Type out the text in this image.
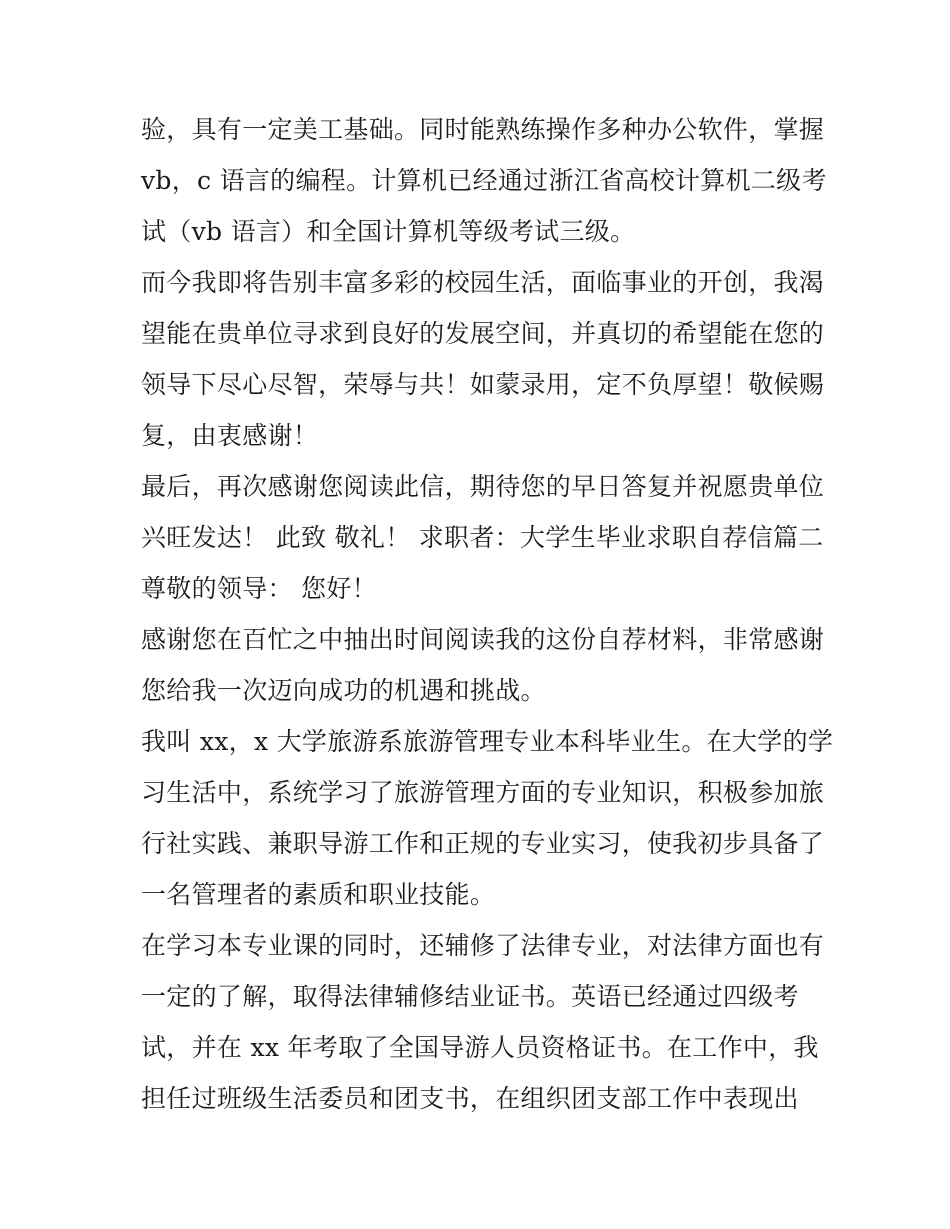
验，具有一定美工基础。同时能熟练操作多种办公软件，掌握
vb，c 语言的编程。计算机已经通过浙江省高校计算机二级考
试（vb 语言）和全国计算机等级考试三级。
而今我即将告别丰富多彩的校园生活，面临事业的开创，我渴
望能在贵单位寻求到良好的发展空间，并真切的希望能在您的
领导下尽心尽智，荣辱与共！如蒙录用，定不负厚望！敬候赐
复，由衷感谢！
最后，再次感谢您阅读此信，期待您的早日答复并祝愿贵单位
兴旺发达！ 此致 敬礼！ 求职者：大学生毕业求职自荐信篇二
尊敬的领导： 您好！
感谢您在百忙之中抽出时间阅读我的这份自荐材料，非常感谢
您给我一次迈向成功的机遇和挑战。
我叫 xx，x 大学旅游系旅游管理专业本科毕业生。在大学的学
习生活中，系统学习了旅游管理方面的专业知识，积极参加旅
行社实践、兼职导游工作和正规的专业实习，使我初步具备了
一名管理者的素质和职业技能。
在学习本专业课的同时，还辅修了法律专业，对法律方面也有
一定的了解，取得法律辅修结业证书。英语已经通过四级考
试，并在 xx 年考取了全国导游人员资格证书。在工作中，我
担任过班级生活委员和团支书，在组织团支部工作中表现出
